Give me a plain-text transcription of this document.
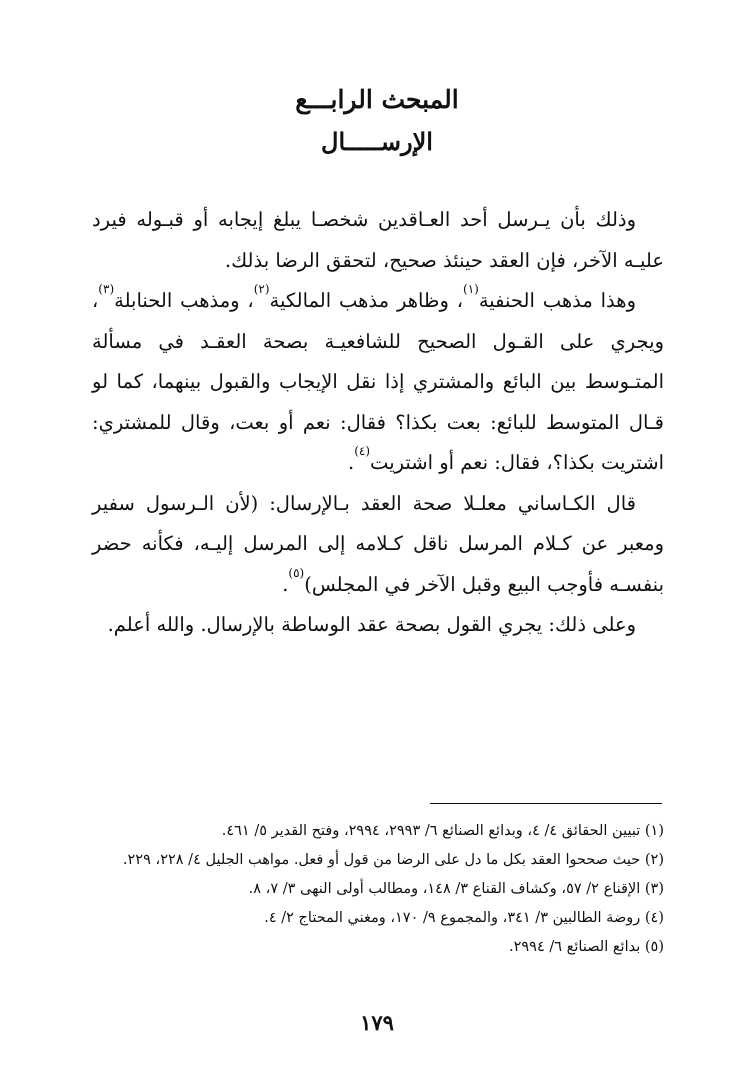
المبحث الرابـــع
الإرســـــال

وذلك بأن يـرسل أحد العـاقدين شخصـا يبلغ إيجابه أو قبـوله فيرد عليـه الآخر، فإن العقد حينئذ صحيح، لتحقق الرضا بذلك.

وهذا مذهب الحنفية$^{(١)}$، وظاهر مذهب المالكية$^{(٢)}$، ومذهب الحنابلة$^{(٣)}$، ويجري على القـول الصحيح للشافعيـة بصحة العقـد في مسألة المتـوسط بين البائع والمشتري إذا نقل الإيجاب والقبول بينهما، كما لو قـال المتوسط للبائع: بعت بكذا؟ فقال: نعم أو بعت، وقال للمشتري: اشتريت بكذا؟، فقال: نعم أو اشتريت$^{(٤)}$.

قال الكـاساني معلـلا صحة العقد بـالإرسال: (لأن الـرسول سفير ومعبر عن كـلام المرسل ناقل كـلامه إلى المرسل إليـه، فكأنه حضر بنفسـه فأوجب البيع وقبل الآخر في المجلس)$^{(٥)}$.

وعلى ذلك: يجري القول بصحة عقد الوساطة بالإرسال. والله أعلم.

(١) تبيين الحقائق ٤/ ٤، وبدائع الصنائع ٦/ ٢٩٩٣، ٢٩٩٤، وفتح القدير ٥/ ٤٦١.
(٢) حيث صححوا العقد بكل ما دل على الرضا من قول أو فعل. مواهب الجليل ٤/ ٢٢٨، ٢٢٩.
(٣) الإقناع ٢/ ٥٧، وكشاف القناع ٣/ ١٤٨، ومطالب أولى النهى ٣/ ٧، ٨.
(٤) روضة الطالبين ٣/ ٣٤١، والمجموع ٩/ ١٧٠، ومغني المحتاج ٢/ ٤.
(٥) بدائع الصنائع ٦/ ٢٩٩٤.
١٧٩
